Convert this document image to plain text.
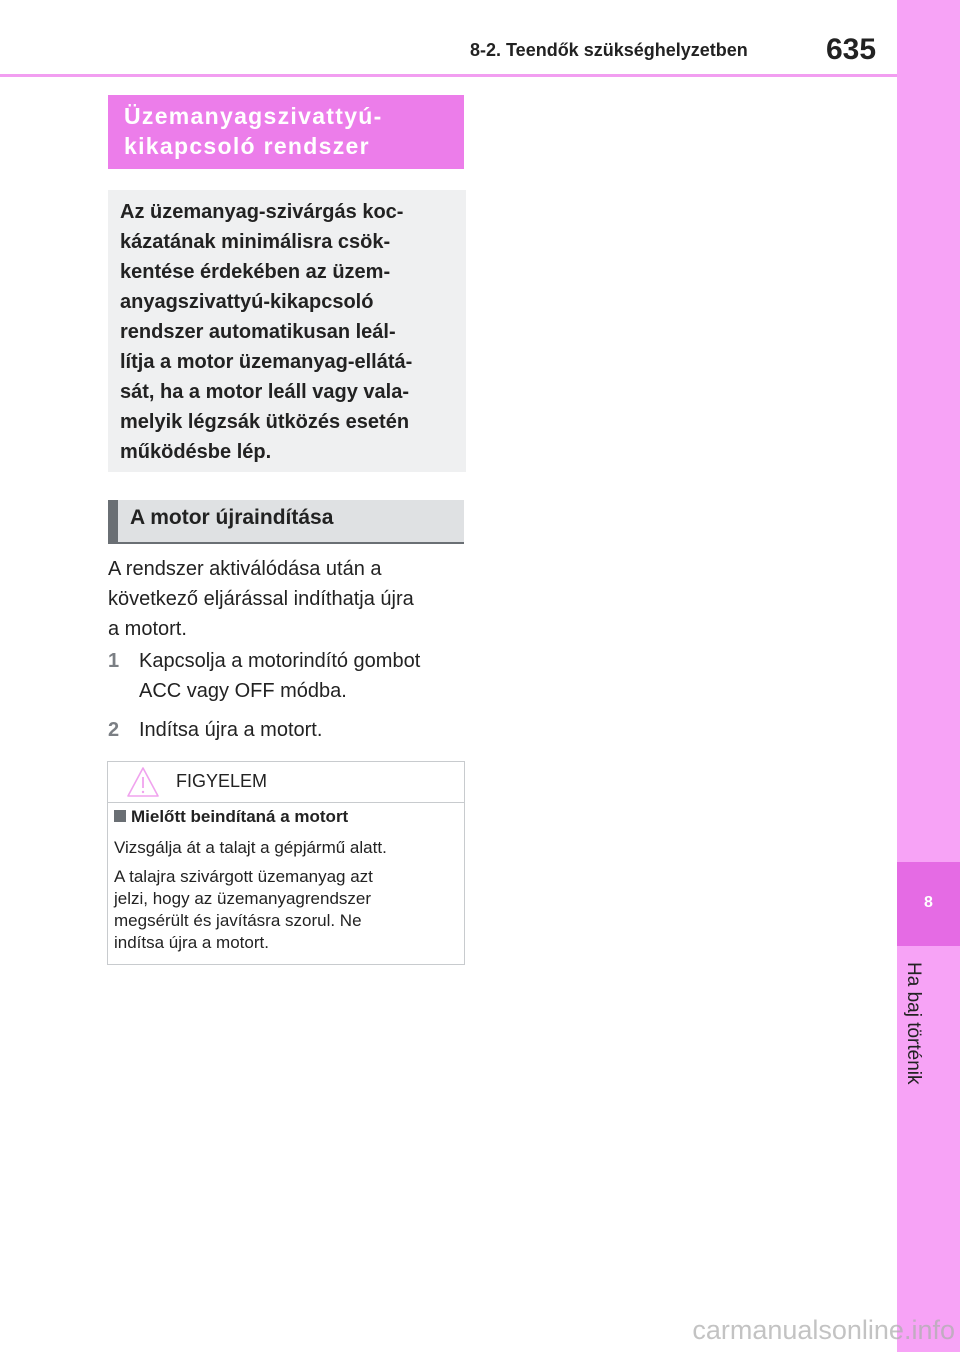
8-2. Teendők szükséghelyzetben	635
8
Ha baj történik
Üzemanyagszivattyú-
kikapcsoló rendszer
Az üzemanyag-szivárgás koc-
kázatának minimálisra csök-
kentése érdekében az üzem-
anyagszivattyú-kikapcsoló
rendszer automatikusan leál-
lítja a motor üzemanyag-ellátá-
sát, ha a motor leáll vagy vala-
melyik légzsák ütközés esetén
működésbe lép.
A motor újraindítása
A rendszer aktiválódása után a
következő eljárással indíthatja újra
a motort.
1 Kapcsolja a motorindító gombot
ACC vagy OFF módba.
2 Indítsa újra a motort.
FIGYELEM
Mielőtt beindítaná a motort
Vizsgálja át a talajt a gépjármű alatt.
A talajra szivárgott üzemanyag azt
jelzi, hogy az üzemanyagrendszer
megsérült és javításra szorul. Ne
indítsa újra a motort.
carmanualsonline.info
